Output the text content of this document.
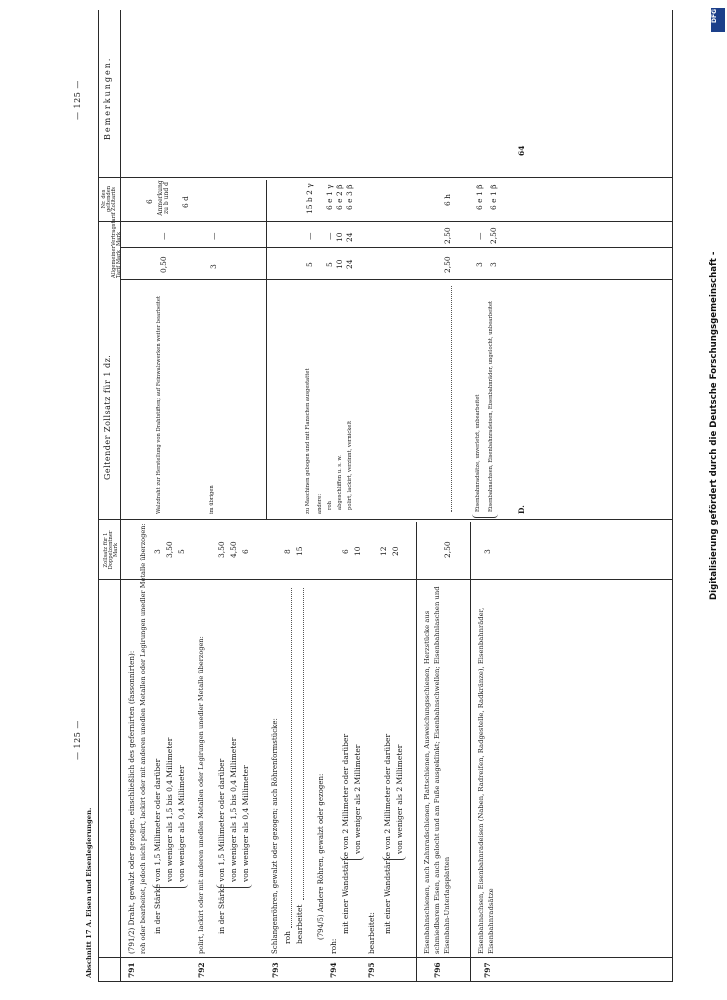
— 125 —
— 125 —
Abschnitt 17 A. Eisen und Eisenlegierungen.
Zollsatz für 1 Doppelzentner Mark
Geltender Zollsatz für 1 dz.
Allgemeiner Tarif Mark
Vertragstarif Mark
Nr. des geltenden Zolltarifs
Bemerkungen.
791
(791/2) Draht, gewalzt oder gezogen, einschließlich des gefernirten (fassonnirten): roh oder bearbeitet, jedoch nicht polirt, lackirt oder mit anderen unedlen Metallen oder Legirungen unedler Metalle überzogen: in der Stärke von 1,5 Millimeter oder darüber von weniger als 1,5 bis 0,4 Millimeter von weniger als 0,4 Millimeter
3 3,50 5
Walzdraht zur Herstellung von Drahtstiften; auf Feinwalzwerken weiter bearbeitet
0,50
—
6 Anmerkung zu b und d 6 d
792
polirt, lackirt oder mit anderen unedlen Metallen oder Legirungen unedler Metalle überzogen: in der Stärke von 1,5 Millimeter oder darüber von weniger als 1,5 bis 0,4 Millimeter von weniger als 0,4 Millimeter
3,50 4,50 6
im übrigen
3
—
793
Schlangenröhren, gewalzt oder gezogen; auch Röhrenformstücke: roh bearbeitet
8 15
zu Maschinen gebogen und mit Flanschen ausgestattet
5
—
15 b 2 γ
794
(794/5) Andere Röhren, gewalzt oder gezogen:
roh:
mit einer Wandstärke von 2 Millimeter oder darüber von weniger als 2 Millimeter
6 10
andere: roh
5
—
6 e 1 γ
abgeschliffen u. s. w.
10
10
6 e 2 β
polirt, lackirt, verzinnt, vernickelt
24
24
6 e 3 β
795
bearbeitet: mit einer Wandstärke von 2 Millimeter oder darüber von weniger als 2 Millimeter
12 20
796
Eisenbahnschienen, auch Zahnradschienen, Plattschienen, Ausweichungsschienen, Herzstücke aus schmiedbarem Eisen, auch gelocht und am Fuße ausgeklinkt; Eisenbahnschwellen; Eisenbahnlaschen und Eisenbahn-Unterlagsplatten
2,50
2,50
2,50
6 h
797
Eisenbahnachsen, Eisenbahnradeisen (Naben, Radreifen, Radgestelle, Radkränze), Eisenbahnräder, Eisenbahnradsätze
3
Eisenbahnradsätze, unverletzt, unbearbeitet
3
—
6 e 1 β
Eisenbahnachsen, Eisenbahnradeisen, Eisenbahnräder, ungelocht, unbearbeitet
3
2,50
6 e 1 β
D.
64
Digitalisierung gefördert durch die Deutsche Forschungsgemeinschaft -
DFG
